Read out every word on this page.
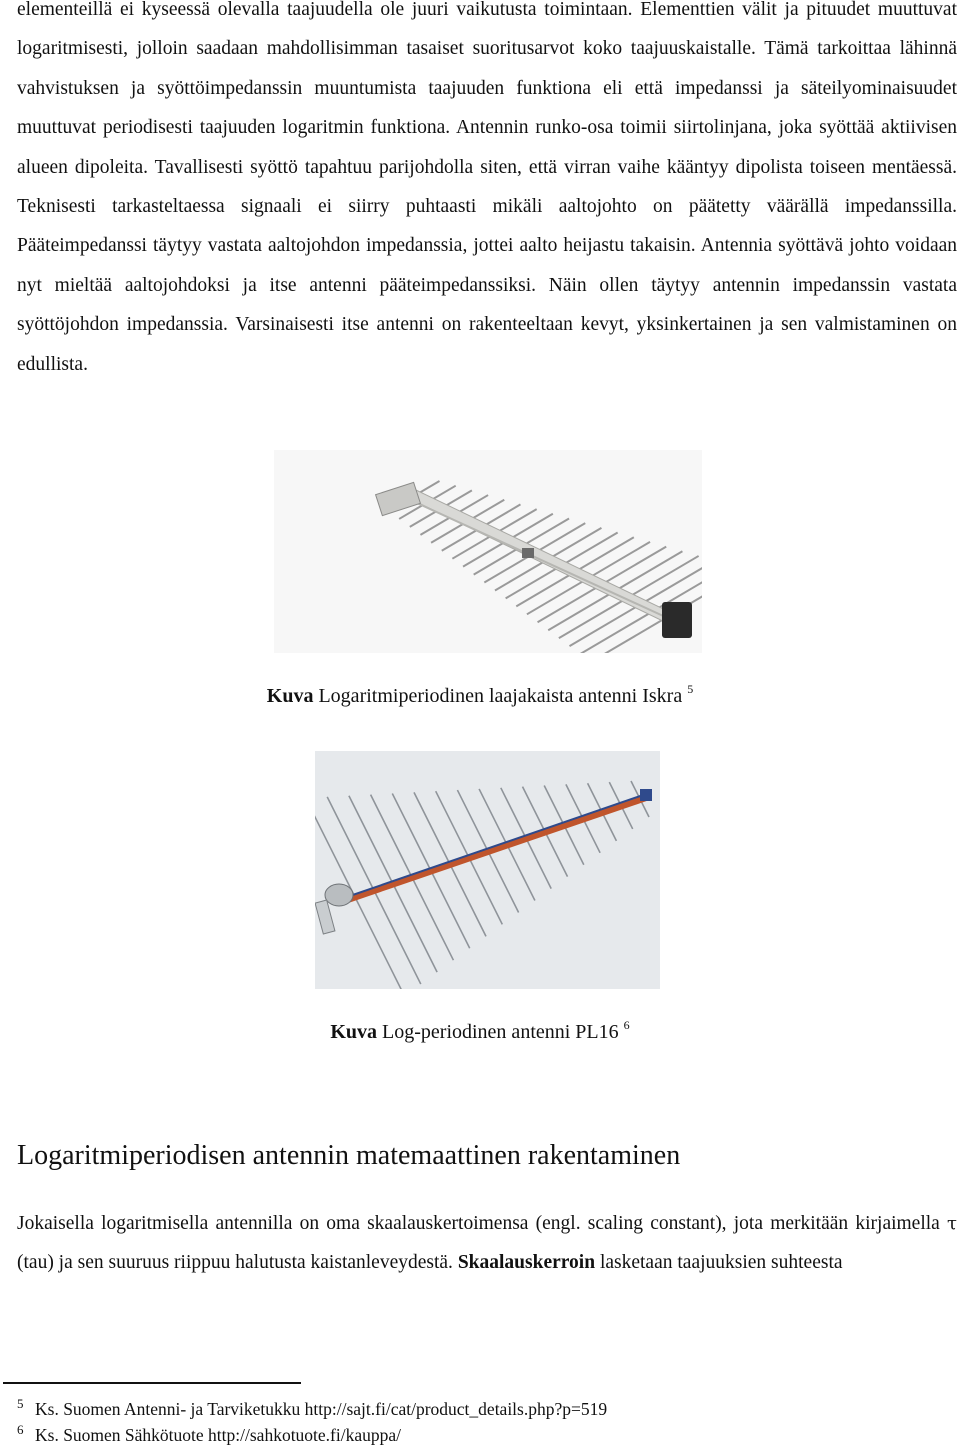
elementeillä ei kyseessä olevalla taajuudella ole juuri vaikutusta toimintaan. Elementtien välit ja pituudet muuttuvat logaritmisesti, jolloin saadaan mahdollisimman tasaiset suoritusarvot koko taajuuskaistalle. Tämä tarkoittaa lähinnä vahvistuksen ja syöttöimpedanssin muuntumista taajuuden funktiona eli että impedanssi ja säteilyominaisuudet muuttuvat periodisesti taajuuden logaritmin funktiona. Antennin runko-osa toimii siirtolinjana, joka syöttää aktiivisen alueen dipoleita. Tavallisesti syöttö tapahtuu parijohdolla siten, että virran vaihe kääntyy dipolista toiseen mentäessä. Teknisesti tarkasteltaessa signaali ei siirry puhtaasti mikäli aaltojohto on päätetty väärällä impedanssilla. Pääteimpedanssi täytyy vastata aaltojohdon impedanssia, jottei aalto heijastu takaisin. Antennia syöttävä johto voidaan nyt mieltää aaltojohdoksi ja itse antenni pääteimpedanssiksi. Näin ollen täytyy antennin impedanssin vastata syöttöjohdon impedanssia. Varsinaisesti itse antenni on rakenteeltaan kevyt, yksinkertainen ja sen valmistaminen on edullista.

Kuva Logaritmiperiodinen laajakaista antenni Iskra $^5$
Kuva Log-periodinen antenni PL16 $^6$
Logaritmiperiodisen antennin matemaattinen rakentaminen

Jokaisella logaritmisella antennilla on oma skaalauskertoimensa (engl. scaling constant), jota merkitään kirjaimella τ (tau) ja sen suuruus riippuu halutusta kaistanleveydestä. Skaalauskerroin lasketaan taajuuksien suhteesta

5 Ks. Suomen Antenni- ja Tarviketukku http://sajt.fi/cat/product_details.php?p=519
6 Ks. Suomen Sähkötuote http://sahkotuote.fi/kauppa/
